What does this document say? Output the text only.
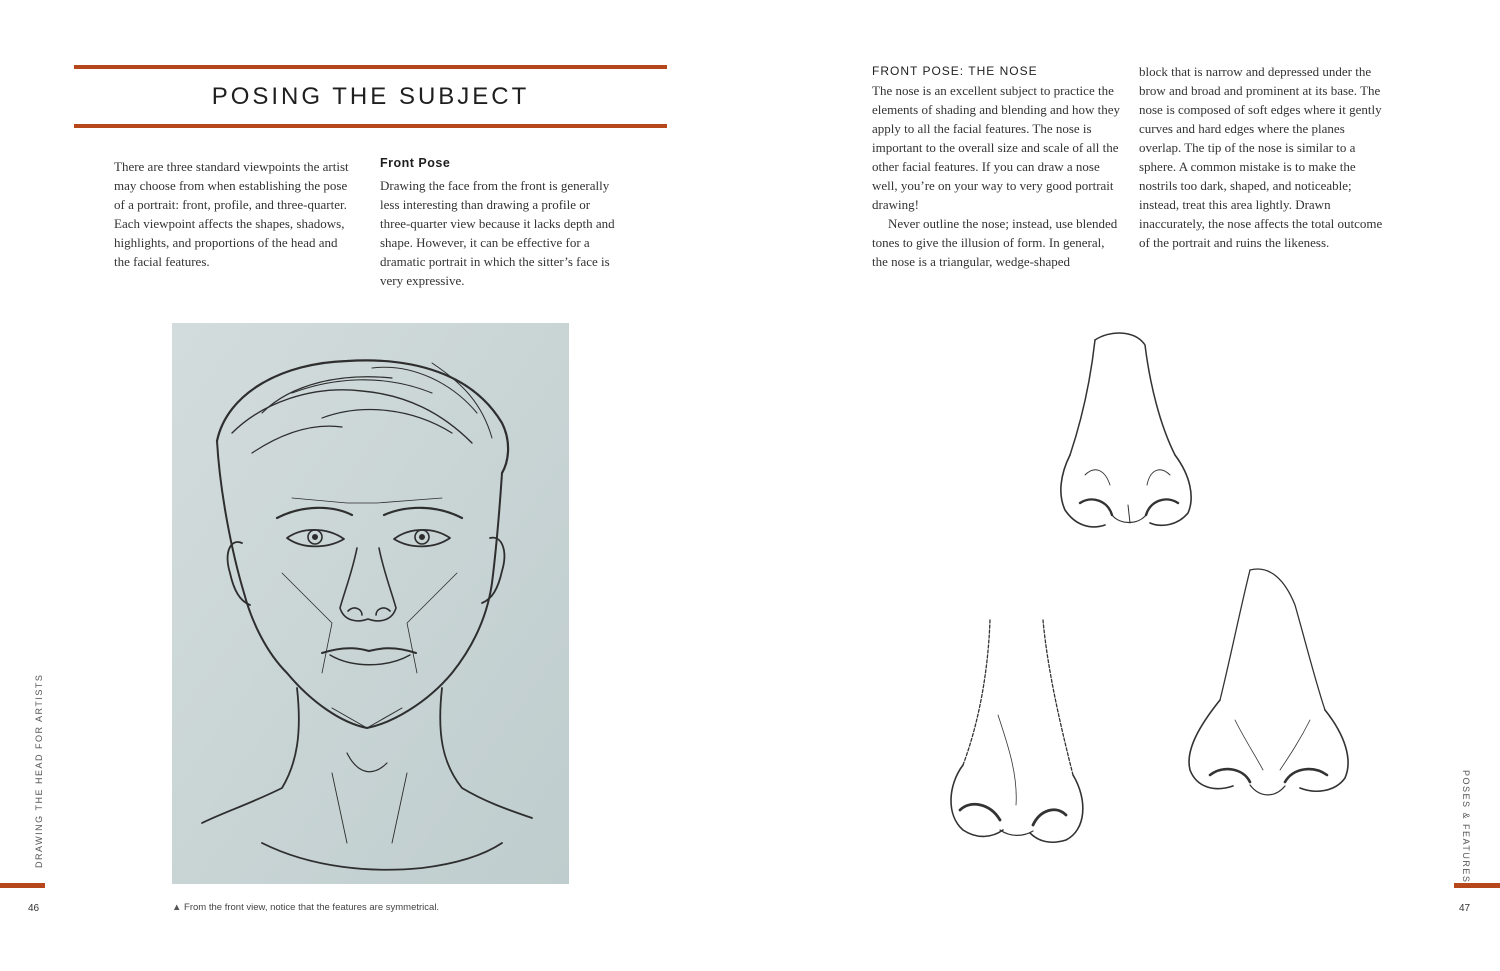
POSING THE SUBJECT

There are three standard viewpoints the artist may choose from when establishing the pose of a portrait: front, profile, and three-quarter. Each viewpoint affects the shapes, shadows, highlights, and proportions of the head and the facial features.

Front Pose

Drawing the face from the front is generally less interesting than drawing a profile or three-quarter view because it lacks depth and shape. However, it can be effective for a dramatic portrait in which the sitter’s face is very expressive.

▲ From the front view, notice that the features are symmetrical.
DRAWING THE HEAD FOR ARTISTS
46
FRONT POSE: THE NOSE

The nose is an excellent subject to practice the elements of shading and blending and how they apply to all the facial features. The nose is important to the overall size and scale of all the other facial features. If you can draw a nose well, you’re on your way to very good portrait drawing!

Never outline the nose; instead, use blended tones to give the illusion of form. In general, the nose is a triangular, wedge-shaped

block that is narrow and depressed under the brow and broad and prominent at its base. The nose is composed of soft edges where it gently curves and hard edges where the planes overlap. The tip of the nose is similar to a sphere. A common mistake is to make the nostrils too dark, shaped, and noticeable; instead, treat this area lightly. Drawn inaccurately, the nose affects the total outcome of the portrait and ruins the likeness.

POSES & FEATURES
47
